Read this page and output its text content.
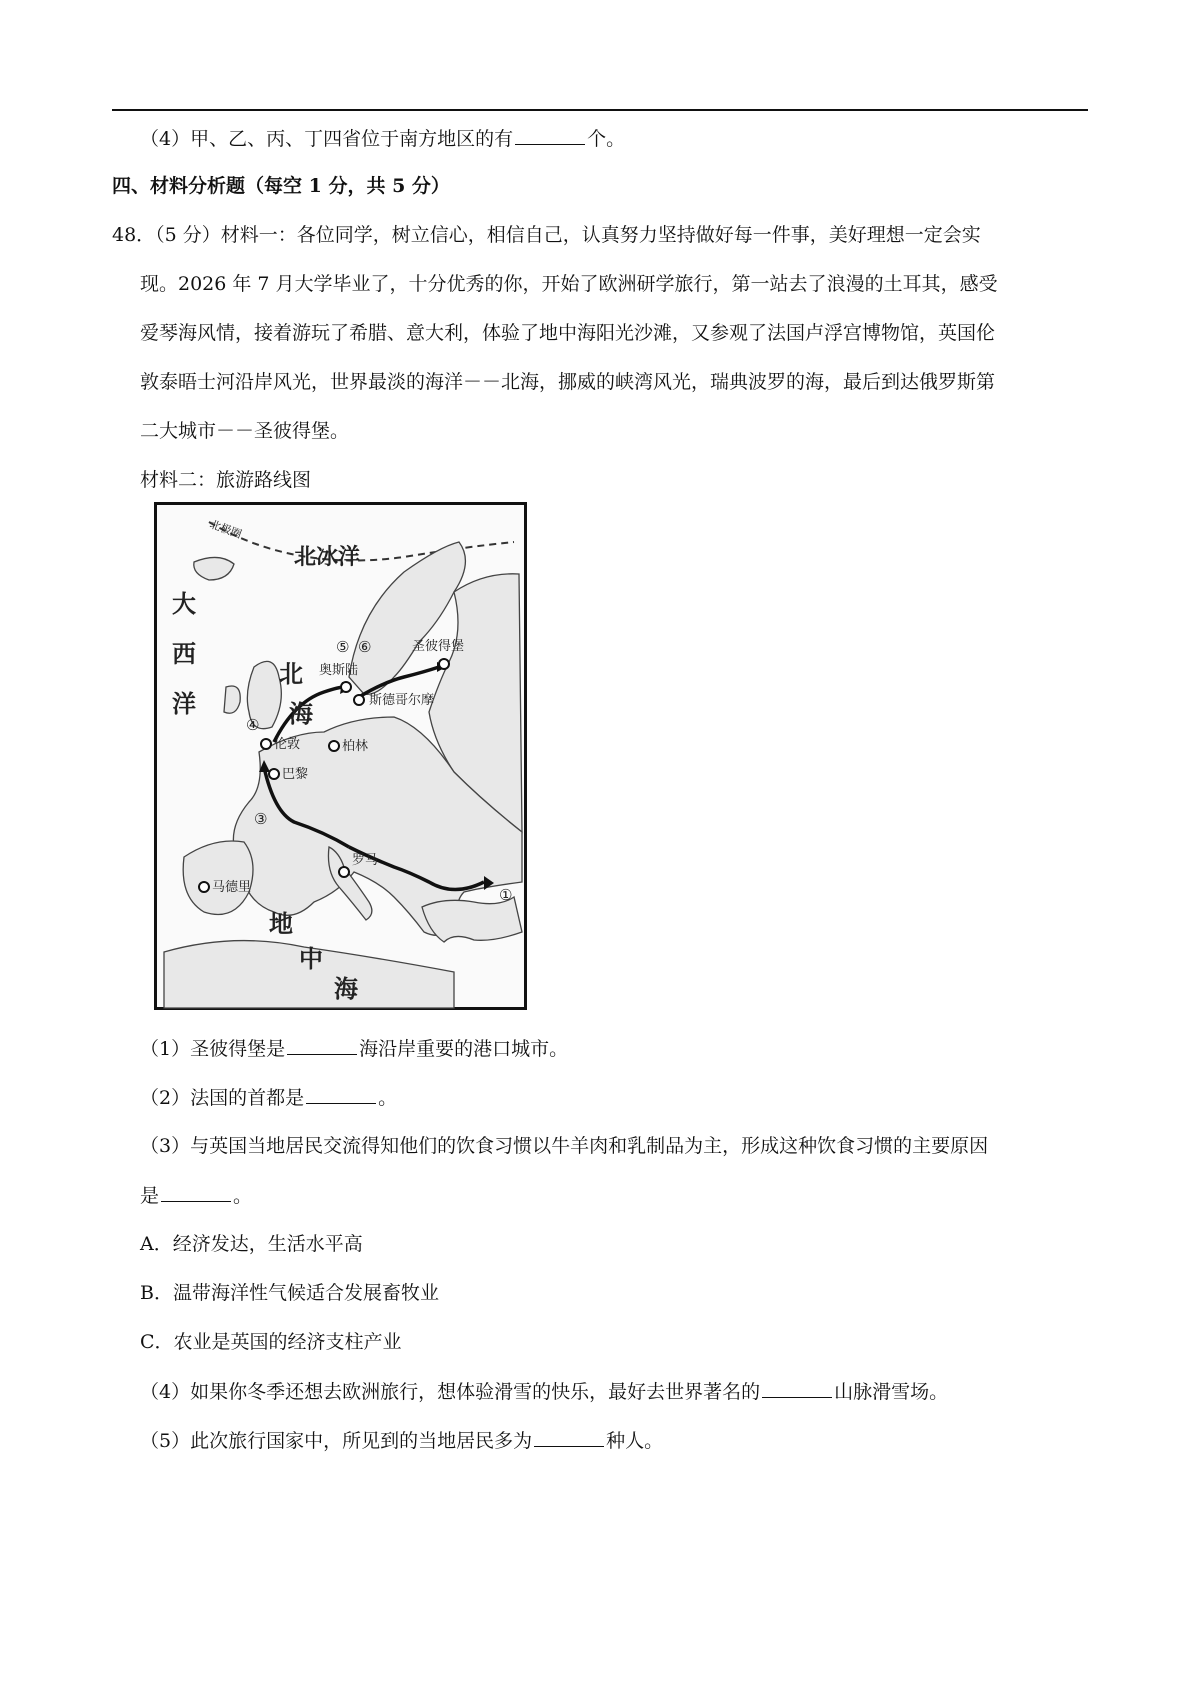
（4）甲、乙、丙、丁四省位于南方地区的有	个。
四、材料分析题（每空 1 分，共 5 分）
48．（5 分）材料一：各位同学，树立信心，相信自己，认真努力坚持做好每一件事，美好理想一定会实
现。2026 年 7 月大学毕业了，十分优秀的你，开始了欧洲研学旅行，第一站去了浪漫的土耳其，感受
爱琴海风情，接着游玩了希腊、意大利，体验了地中海阳光沙滩，又参观了法国卢浮宫博物馆，英国伦
敦泰晤士河沿岸风光，世界最淡的海洋－－北海，挪威的峡湾风光，瑞典波罗的海，最后到达俄罗斯第
二大城市－－圣彼得堡。
材料二：旅游路线图
北极圈
北冰洋
大
西
洋
北
海
地
中
海
奥斯陆
斯德哥尔摩
圣彼得堡
伦敦	柏林
巴黎
马德里
罗马
①
③
④
⑤ ⑥
（1）圣彼得堡是	海沿岸重要的港口城市。
（2）法国的首都是	。
（3）与英国当地居民交流得知他们的饮食习惯以牛羊肉和乳制品为主，形成这种饮食习惯的主要原因
是	。
A．经济发达，生活水平高
B．温带海洋性气候适合发展畜牧业
C．农业是英国的经济支柱产业
（4）如果你冬季还想去欧洲旅行，想体验滑雪的快乐，最好去世界著名的	山脉滑雪场。
（5）此次旅行国家中，所见到的当地居民多为	种人。
